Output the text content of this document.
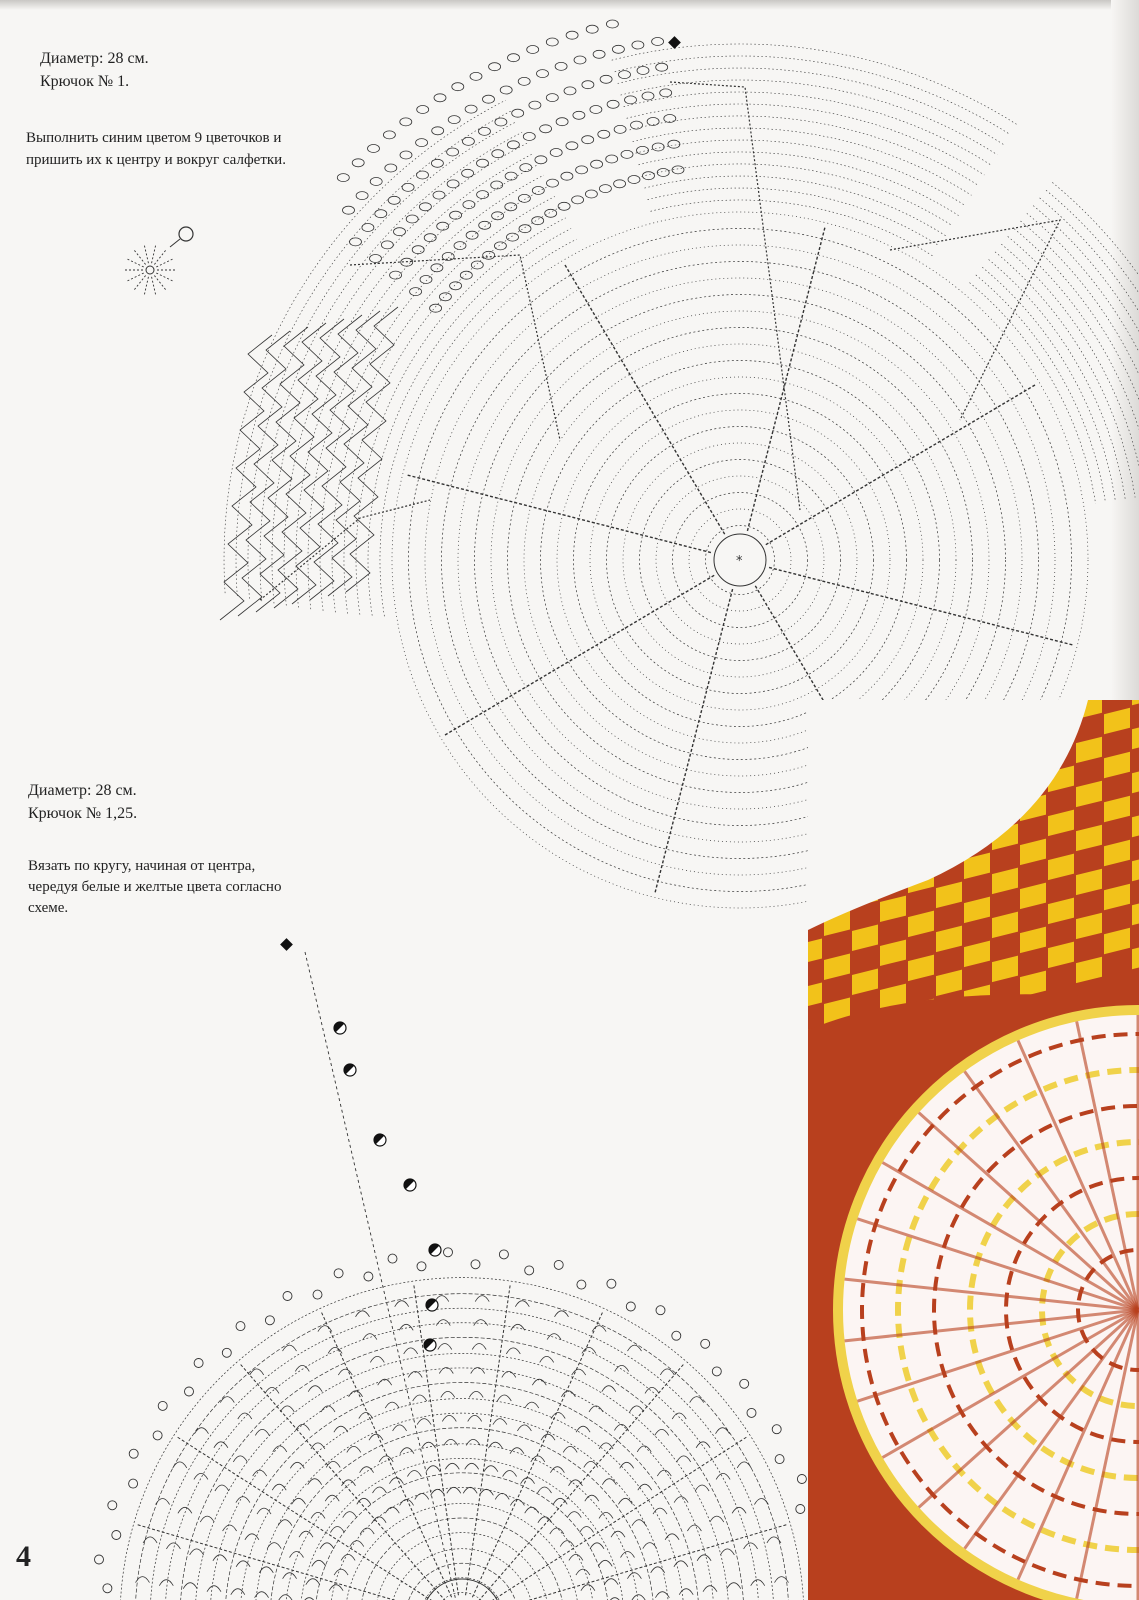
Диаметр: 28 см.
Крючок № 1.
Выполнить синим цветом 9 цветочков и
пришить их к центру и вокруг салфетки.
*
Диаметр: 28 см.
Крючок № 1,25.
Вязать по кругу, начиная от центра,
чередуя белые и желтые цвета согласно
схеме.
4
